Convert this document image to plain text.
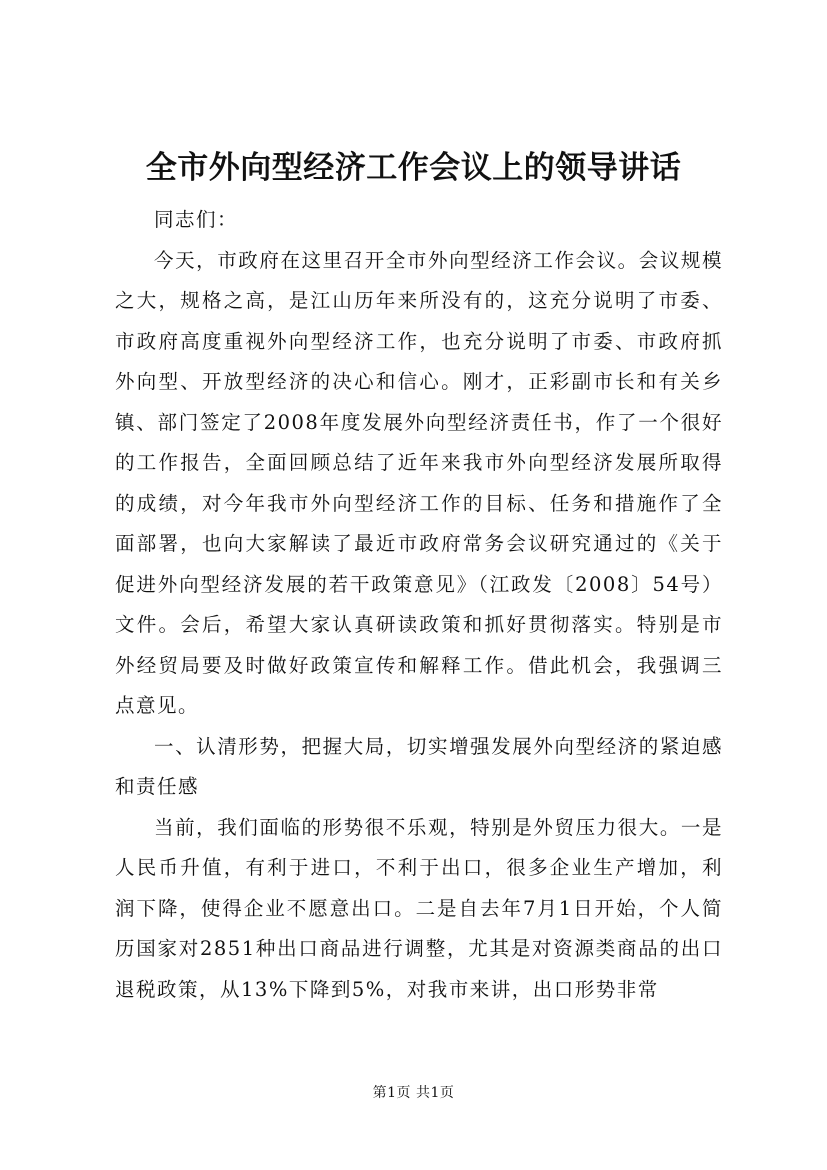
全市外向型经济工作会议上的领导讲话

同志们：

今天，市政府在这里召开全市外向型经济工作会议。会议规模之大，规格之高，是江山历年来所没有的，这充分说明了市委、市政府高度重视外向型经济工作，也充分说明了市委、市政府抓外向型、开放型经济的决心和信心。刚才，正彩副市长和有关乡镇、部门签定了2008年度发展外向型经济责任书，作了一个很好的工作报告，全面回顾总结了近年来我市外向型经济发展所取得的成绩，对今年我市外向型经济工作的目标、任务和措施作了全面部署，也向大家解读了最近市政府常务会议研究通过的《关于促进外向型经济发展的若干政策意见》（江政发〔2008〕54号）文件。会后，希望大家认真研读政策和抓好贯彻落实。特别是市外经贸局要及时做好政策宣传和解释工作。借此机会，我强调三点意见。

一、认清形势，把握大局，切实增强发展外向型经济的紧迫感和责任感

当前，我们面临的形势很不乐观，特别是外贸压力很大。一是人民币升值，有利于进口，不利于出口，很多企业生产增加，利润下降，使得企业不愿意出口。二是自去年7月1日开始，个人简历国家对2851种出口商品进行调整，尤其是对资源类商品的出口退税政策，从13%下降到5%，对我市来讲，出口形势非常

第1页 共1页
